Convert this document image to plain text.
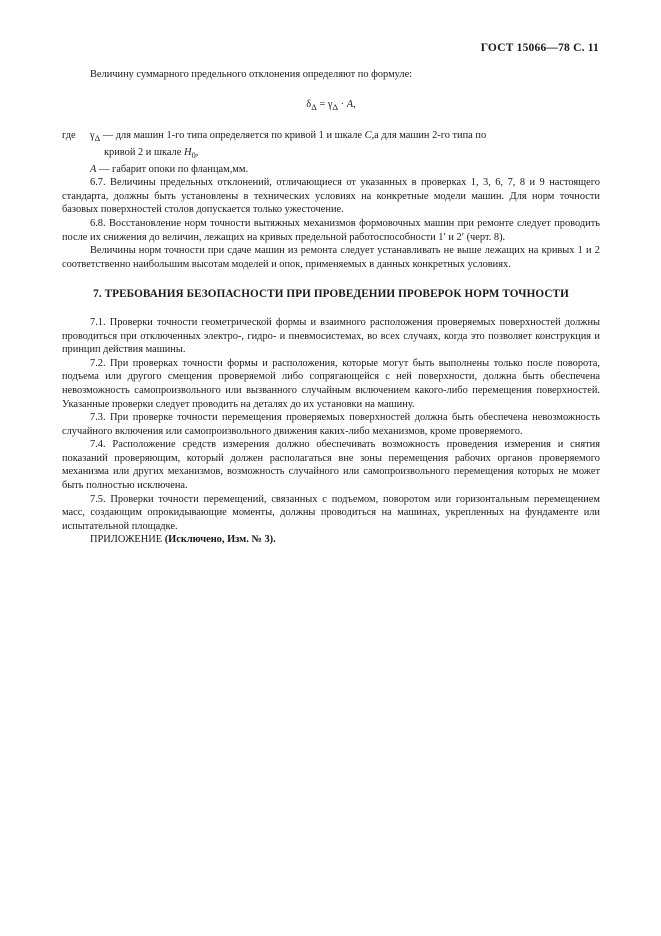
ГОСТ 15066—78 С. 11

Величину суммарного предельного отклонения определяют по формуле:

$\delta_\Delta = \gamma_\Delta \cdot A$,
где	$\gamma_\Delta$ — для машин 1-го типа определяется по кривой 1 и шкале C,а для машин 2-го типа по

кривой 2 и шкале $H_0$,

A — габарит опоки по фланцам,мм.

6.7. Величины предельных отклонений, отличающиеся от указанных в проверках 1, 3, 6, 7, 8 и 9 настоящего стандарта, должны быть установлены в технических условиях на конкретные модели машин. Для норм точности базовых поверхностей столов допускается только ужесточение.

6.8. Восстановление норм точности вытяжных механизмов формовочных машин при ремонте следует проводить после их снижения до величин, лежащих на кривых предельной работоспособности 1′ и 2′ (черт. 8).

Величины норм точности при сдаче машин из ремонта следует устанавливать не выше лежащих на кривых 1 и 2 соответственно наибольшим высотам моделей и опок, применяемых в данных конкретных условиях.

7. ТРЕБОВАНИЯ БЕЗОПАСНОСТИ ПРИ ПРОВЕДЕНИИ ПРОВЕРОК НОРМ ТОЧНОСТИ

7.1. Проверки точности геометрической формы и взаимного расположения проверяемых поверхностей должны проводиться при отключенных электро-, гидро- и пневмосистемах, во всех случаях, когда это позволяет конструкция и принцип действия машины.

7.2. При проверках точности формы и расположения, которые могут быть выполнены только после поворота, подъема или другого смещения проверяемой либо сопрягающейся с ней поверхности, должна быть обеспечена невозможность самопроизвольного или вызванного случайным включением какого-либо перемещения поверхностей. Указанные проверки следует проводить на деталях до их установки на машину.

7.3. При проверке точности перемещения проверяемых поверхностей должна быть обеспечена невозможность случайного включения или самопроизвольного движения каких-либо механизмов, кроме проверяемого.

7.4. Расположение средств измерения должно обеспечивать возможность проведения измерения и снятия показаний проверяющим, который должен располагаться вне зоны перемещения рабочих органов проверяемого механизма или других механизмов, возможность случайного или самопроизвольного перемещения которых не может быть полностью исключена.

7.5. Проверки точности перемещений, связанных с подъемом, поворотом или горизонтальным перемещением масс, создающим опрокидывающие моменты, должны проводиться на машинах, укрепленных на фундаменте или испытательной площадке.

ПРИЛОЖЕНИЕ (Исключено, Изм. № 3).
